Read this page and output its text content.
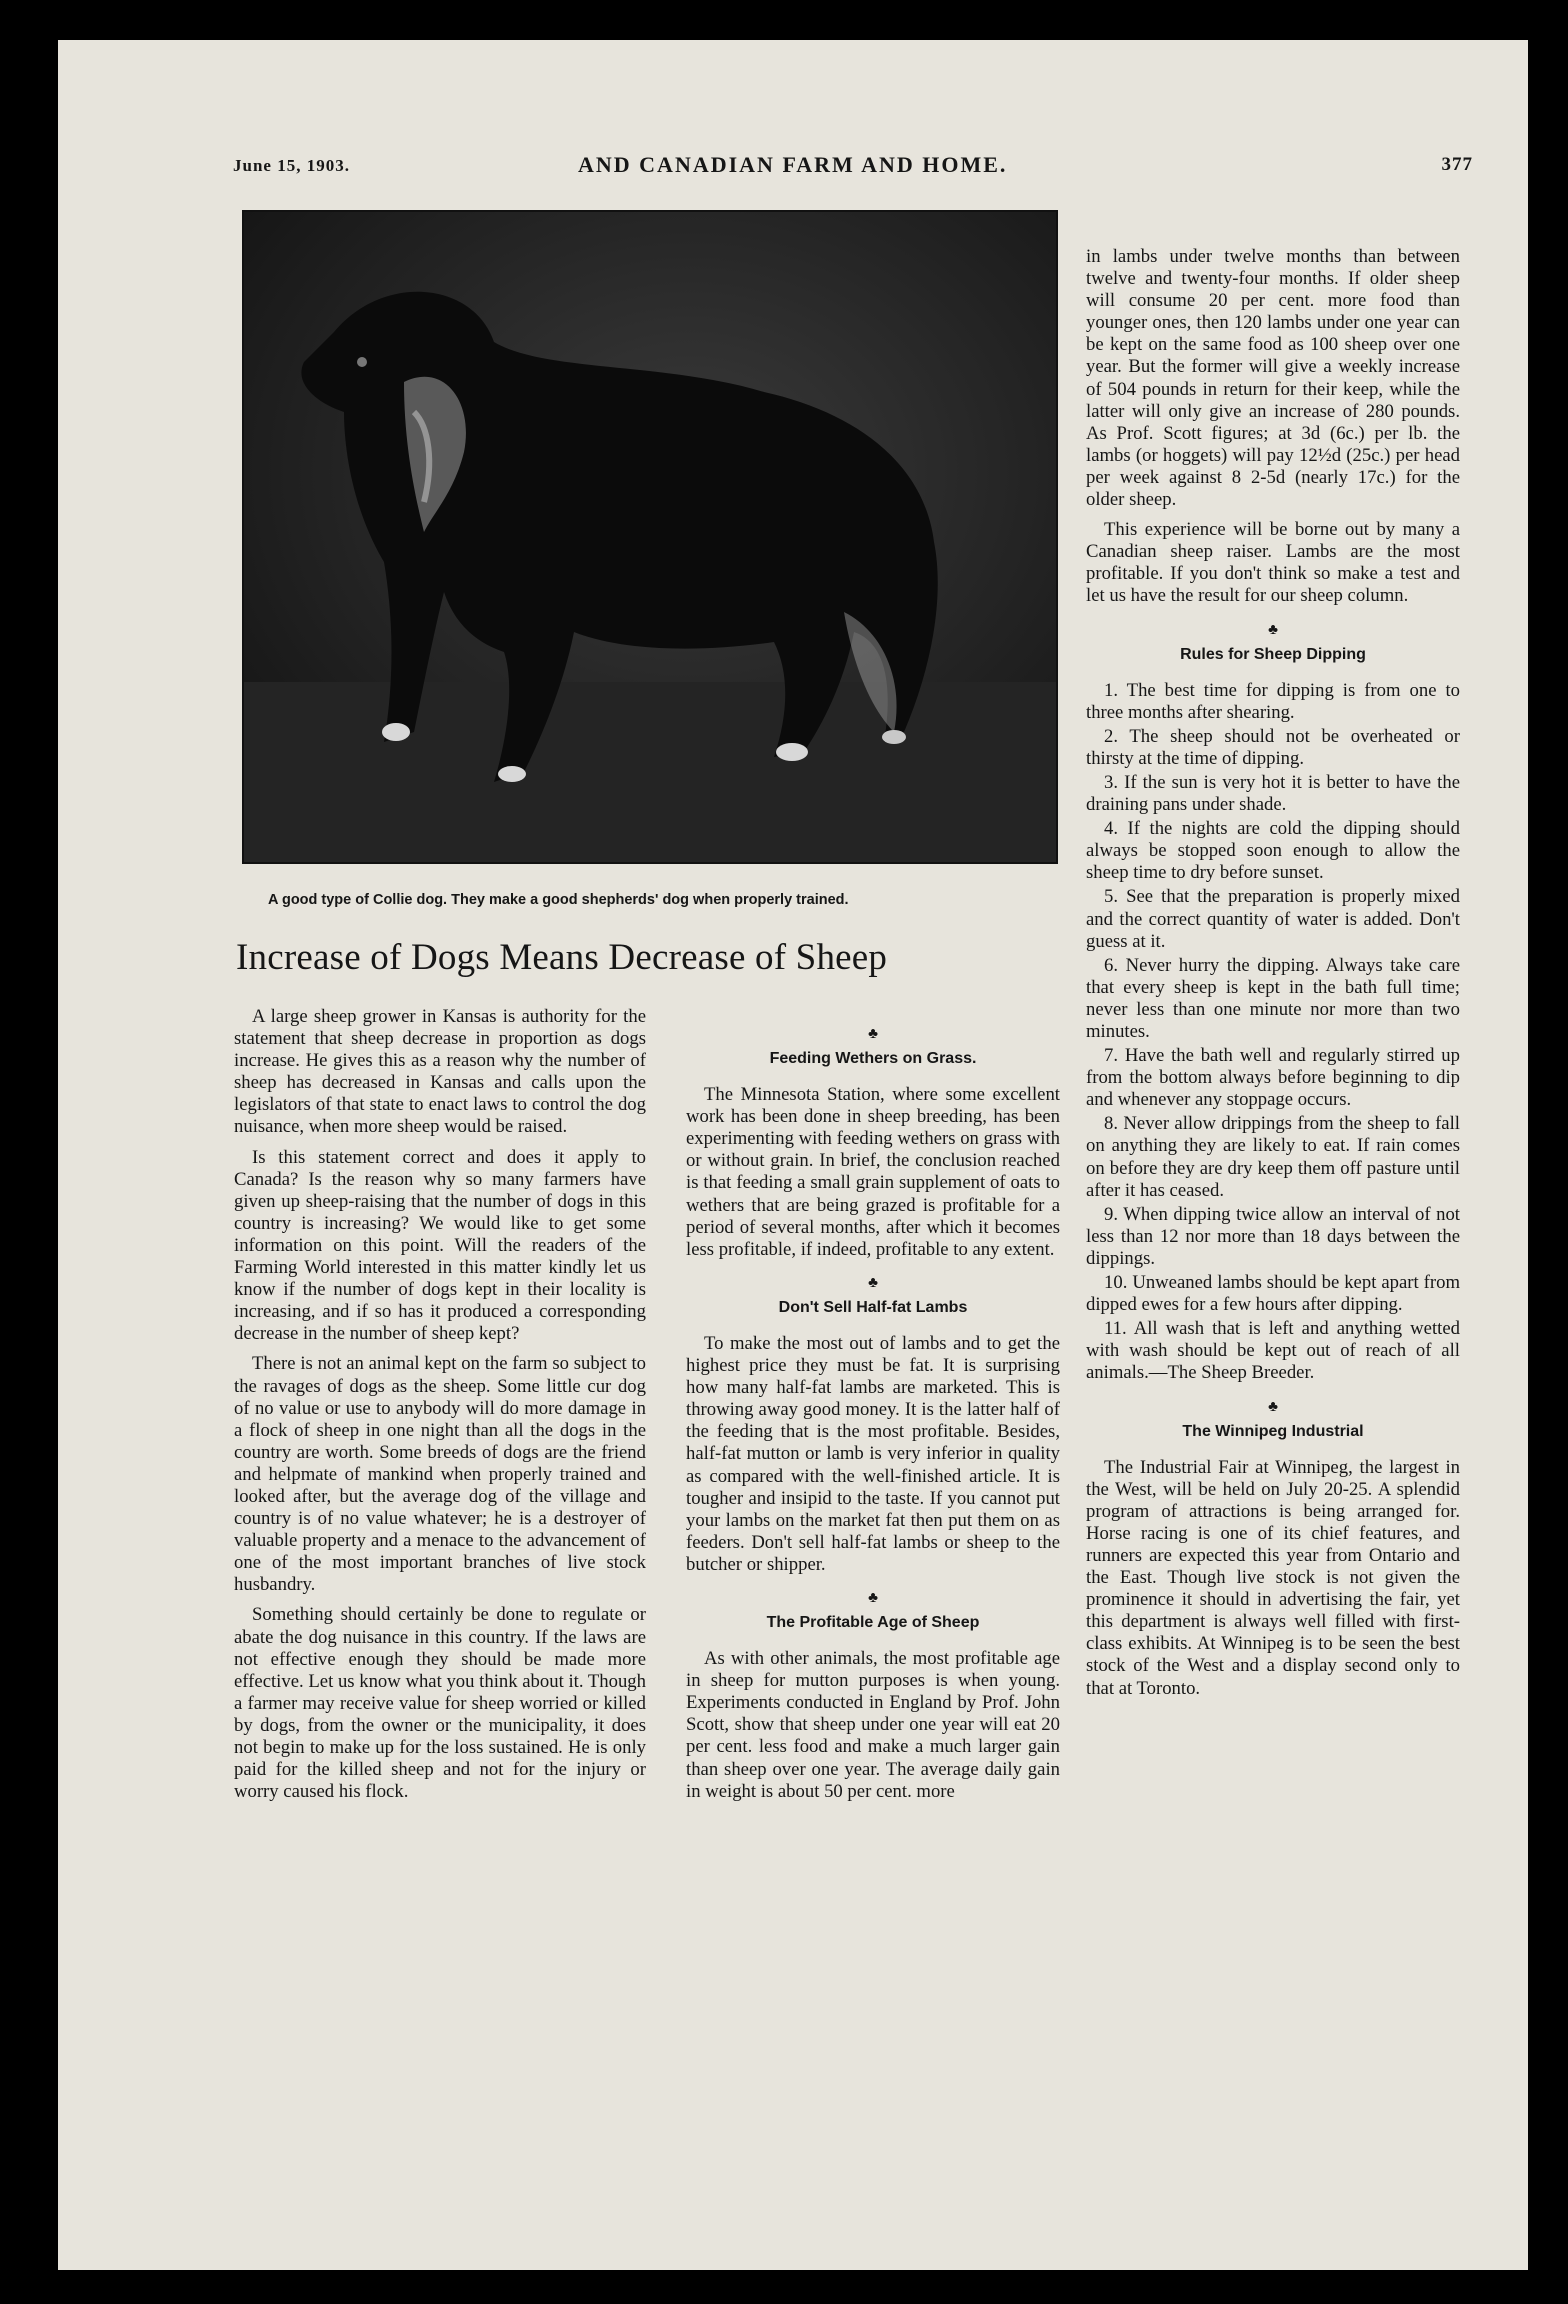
June 15, 1903.	AND CANADIAN FARM AND HOME.	377
A good type of Collie dog. They make a good shepherds' dog when properly trained.
Increase of Dogs Means Decrease of Sheep

A large sheep grower in Kansas is authority for the statement that sheep decrease in proportion as dogs increase. He gives this as a reason why the number of sheep has decreased in Kansas and calls upon the legislators of that state to enact laws to control the dog nuisance, when more sheep would be raised.

Is this statement correct and does it apply to Canada? Is the reason why so many farmers have given up sheep-raising that the number of dogs in this country is increasing? We would like to get some information on this point. Will the readers of the Farming World interested in this matter kindly let us know if the number of dogs kept in their locality is increasing, and if so has it produced a corresponding decrease in the number of sheep kept?

There is not an animal kept on the farm so subject to the ravages of dogs as the sheep. Some little cur dog of no value or use to anybody will do more damage in a flock of sheep in one night than all the dogs in the country are worth. Some breeds of dogs are the friend and helpmate of mankind when properly trained and looked after, but the average dog of the village and country is of no value whatever; he is a destroyer of valuable property and a menace to the advancement of one of the most important branches of live stock husbandry.

Something should certainly be done to regulate or abate the dog nuisance in this country. If the laws are not effective enough they should be made more effective. Let us know what you think about it. Though a farmer may receive value for sheep worried or killed by dogs, from the owner or the municipality, it does not begin to make up for the loss sustained. He is only paid for the killed sheep and not for the injury or worry caused his flock.

♣
Feeding Wethers on Grass.

The Minnesota Station, where some excellent work has been done in sheep breeding, has been experimenting with feeding wethers on grass with or without grain. In brief, the conclusion reached is that feeding a small grain supplement of oats to wethers that are being grazed is profitable for a period of several months, after which it becomes less profitable, if indeed, profitable to any extent.

♣
Don't Sell Half-fat Lambs

To make the most out of lambs and to get the highest price they must be fat. It is surprising how many half-fat lambs are marketed. This is throwing away good money. It is the latter half of the feeding that is the most profitable. Besides, half-fat mutton or lamb is very inferior in quality as compared with the well-finished article. It is tougher and insipid to the taste. If you cannot put your lambs on the market fat then put them on as feeders. Don't sell half-fat lambs or sheep to the butcher or shipper.

♣
The Profitable Age of Sheep

As with other animals, the most profitable age in sheep for mutton purposes is when young. Experiments conducted in England by Prof. John Scott, show that sheep under one year will eat 20 per cent. less food and make a much larger gain than sheep over one year. The average daily gain in weight is about 50 per cent. more

in lambs under twelve months than between twelve and twenty-four months. If older sheep will consume 20 per cent. more food than younger ones, then 120 lambs under one year can be kept on the same food as 100 sheep over one year. But the former will give a weekly increase of 504 pounds in return for their keep, while the latter will only give an increase of 280 pounds. As Prof. Scott figures; at 3d (6c.) per lb. the lambs (or hoggets) will pay 12½d (25c.) per head per week against 8 2-5d (nearly 17c.) for the older sheep.

This experience will be borne out by many a Canadian sheep raiser. Lambs are the most profitable. If you don't think so make a test and let us have the result for our sheep column.

♣
Rules for Sheep Dipping
1. The best time for dipping is from one to three months after shearing.
2. The sheep should not be overheated or thirsty at the time of dipping.
3. If the sun is very hot it is better to have the draining pans under shade.
4. If the nights are cold the dipping should always be stopped soon enough to allow the sheep time to dry before sunset.
5. See that the preparation is properly mixed and the correct quantity of water is added. Don't guess at it.
6. Never hurry the dipping. Always take care that every sheep is kept in the bath full time; never less than one minute nor more than two minutes.
7. Have the bath well and regularly stirred up from the bottom always before beginning to dip and whenever any stoppage occurs.
8. Never allow drippings from the sheep to fall on anything they are likely to eat. If rain comes on before they are dry keep them off pasture until after it has ceased.
9. When dipping twice allow an interval of not less than 12 nor more than 18 days between the dippings.
10. Unweaned lambs should be kept apart from dipped ewes for a few hours after dipping.
11. All wash that is left and anything wetted with wash should be kept out of reach of all animals.—The Sheep Breeder.
♣
The Winnipeg Industrial

The Industrial Fair at Winnipeg, the largest in the West, will be held on July 20-25. A splendid program of attractions is being arranged for. Horse racing is one of its chief features, and runners are expected this year from Ontario and the East. Though live stock is not given the prominence it should in advertising the fair, yet this department is always well filled with first-class exhibits. At Winnipeg is to be seen the best stock of the West and a display second only to that at Toronto.
